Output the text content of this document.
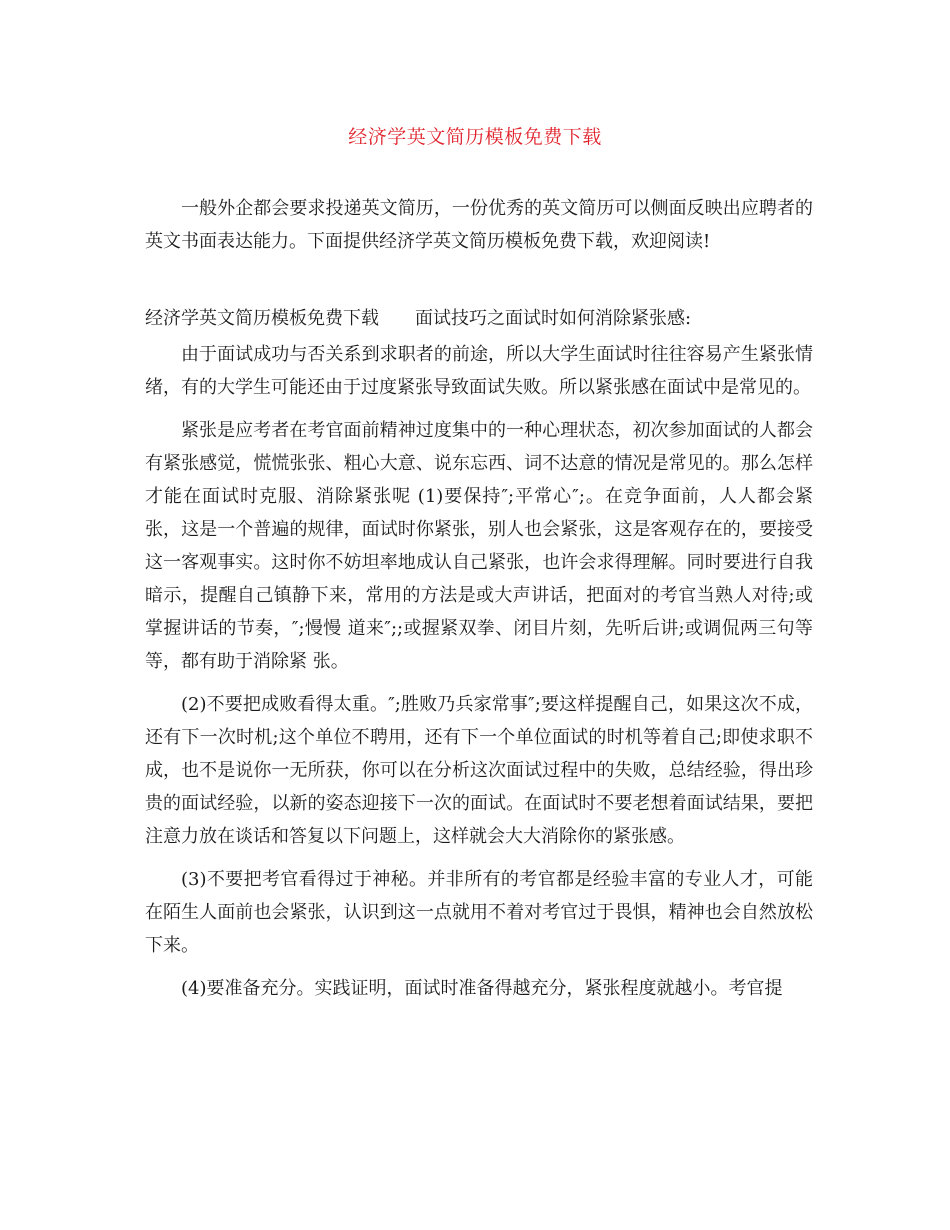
经济学英文简历模板免费下载

一般外企都会要求投递英文简历，一份优秀的英文简历可以侧面反映出应聘者的英文书面表达能力。下面提供经济学英文简历模板免费下载，欢迎阅读!

经济学英文简历模板免费下载 面试技巧之面试时如何消除紧张感:

由于面试成功与否关系到求职者的前途，所以大学生面试时往往容易产生紧张情绪，有的大学生可能还由于过度紧张导致面试失败。所以紧张感在面试中是常见的。

紧张是应考者在考官面前精神过度集中的一种心理状态，初次参加面试的人都会有紧张感觉，慌慌张张、粗心大意、说东忘西、词不达意的情况是常见的。那么怎样才能在面试时克服、消除紧张呢 (1)要保持″;平常心″;。在竞争面前，人人都会紧张，这是一个普遍的规律，面试时你紧张，别人也会紧张，这是客观存在的，要接受这一客观事实。这时你不妨坦率地成认自己紧张，也许会求得理解。同时要进行自我暗示，提醒自己镇静下来，常用的方法是或大声讲话，把面对的考官当熟人对待;或掌握讲话的节奏，″;慢慢 道来″;;或握紧双拳、闭目片刻，先听后讲;或调侃两三句等等，都有助于消除紧 张。

(2)不要把成败看得太重。″;胜败乃兵家常事″;要这样提醒自己，如果这次不成，还有下一次时机;这个单位不聘用，还有下一个单位面试的时机等着自己;即使求职不成，也不是说你一无所获，你可以在分析这次面试过程中的失败，总结经验，得出珍贵的面试经验，以新的姿态迎接下一次的面试。在面试时不要老想着面试结果，要把注意力放在谈话和答复以下问题上，这样就会大大消除你的紧张感。

(3)不要把考官看得过于神秘。并非所有的考官都是经验丰富的专业人才，可能在陌生人面前也会紧张，认识到这一点就用不着对考官过于畏惧，精神也会自然放松下来。

(4)要准备充分。实践证明，面试时准备得越充分，紧张程度就越小。考官提
